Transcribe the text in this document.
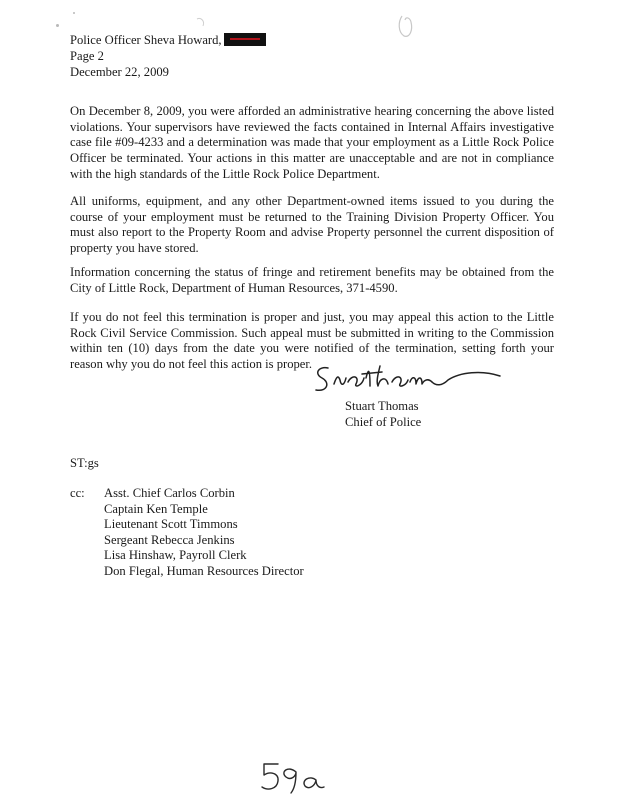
Police Officer Sheva Howard,
Page 2
December 22, 2009

On December 8, 2009, you were afforded an administrative hearing concerning the above listed violations. Your supervisors have reviewed the facts contained in Internal Affairs investigative case file #09-4233 and a determination was made that your employment as a Little Rock Police Officer be terminated. Your actions in this matter are unacceptable and are not in compliance with the high standards of the Little Rock Police Department.

All uniforms, equipment, and any other Department-owned items issued to you during the course of your employment must be returned to the Training Division Property Officer. You must also report to the Property Room and advise Property personnel the current disposition of property you have stored.

Information concerning the status of fringe and retirement benefits may be obtained from the City of Little Rock, Department of Human Resources, 371-4590.

If you do not feel this termination is proper and just, you may appeal this action to the Little Rock Civil Service Commission. Such appeal must be submitted in writing to the Commission within ten (10) days from the date you were notified of the termination, setting forth your reason why you do not feel this action is proper.

Stuart Thomas
Chief of Police
ST:gs
cc: Asst. Chief Carlos Corbin
Captain Ken Temple
Lieutenant Scott Timmons
Sergeant Rebecca Jenkins
Lisa Hinshaw, Payroll Clerk
Don Flegal, Human Resources Director
